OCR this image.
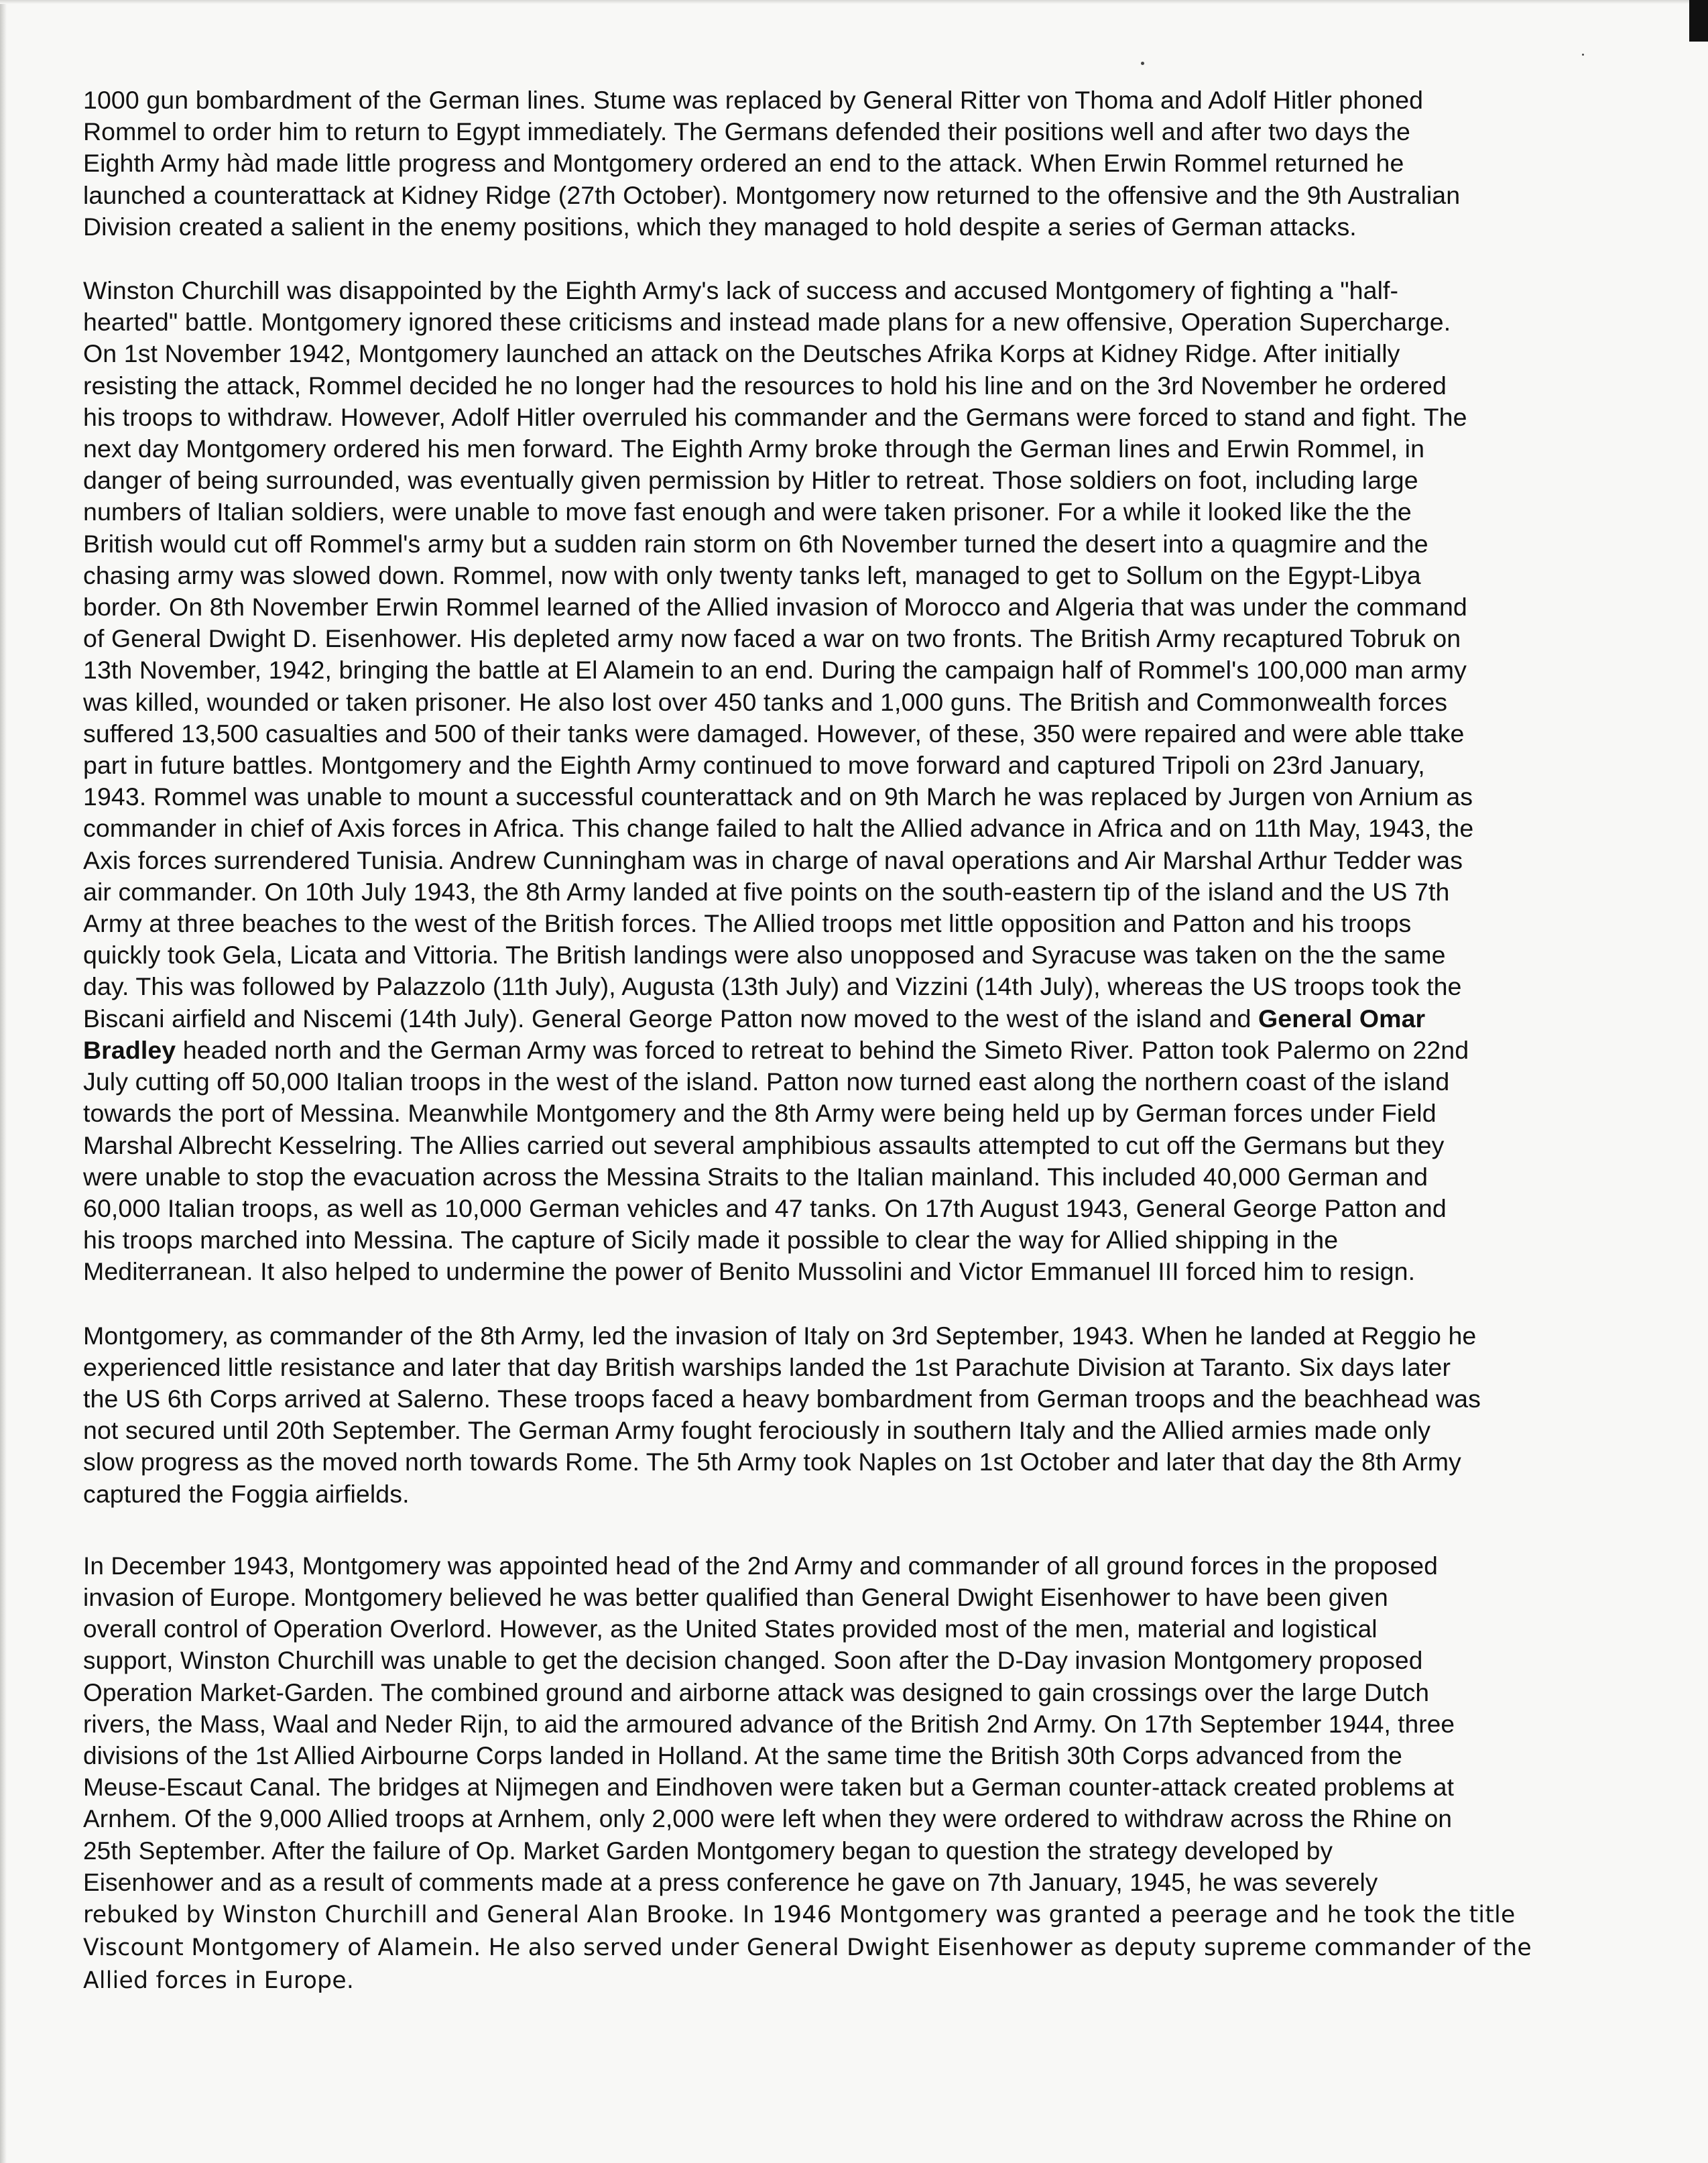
1000 gun bombardment of the German lines. Stume was replaced by General Ritter von Thoma and Adolf Hitler phoned
Rommel to order him to return to Egypt immediately. The Germans defended their positions well and after two days the
Eighth Army hàd made little progress and Montgomery ordered an end to the attack. When Erwin Rommel returned he
launched a counterattack at Kidney Ridge (27th October). Montgomery now returned to the offensive and the 9th Australian
Division created a salient in the enemy positions, which they managed to hold despite a series of German attacks.

Winston Churchill was disappointed by the Eighth Army's lack of success and accused Montgomery of fighting a "half-
hearted" battle. Montgomery ignored these criticisms and instead made plans for a new offensive, Operation Supercharge.
On 1st November 1942, Montgomery launched an attack on the Deutsches Afrika Korps at Kidney Ridge. After initially
resisting the attack, Rommel decided he no longer had the resources to hold his line and on the 3rd November he ordered
his troops to withdraw. However, Adolf Hitler overruled his commander and the Germans were forced to stand and fight. The
next day Montgomery ordered his men forward. The Eighth Army broke through the German lines and Erwin Rommel, in
danger of being surrounded, was eventually given permission by Hitler to retreat. Those soldiers on foot, including large
numbers of Italian soldiers, were unable to move fast enough and were taken prisoner. For a while it looked like the the
British would cut off Rommel's army but a sudden rain storm on 6th November turned the desert into a quagmire and the
chasing army was slowed down. Rommel, now with only twenty tanks left, managed to get to Sollum on the Egypt-Libya
border. On 8th November Erwin Rommel learned of the Allied invasion of Morocco and Algeria that was under the command
of General Dwight D. Eisenhower. His depleted army now faced a war on two fronts. The British Army recaptured Tobruk on
13th November, 1942, bringing the battle at El Alamein to an end. During the campaign half of Rommel's 100,000 man army
was killed, wounded or taken prisoner. He also lost over 450 tanks and 1,000 guns. The British and Commonwealth forces
suffered 13,500 casualties and 500 of their tanks were damaged. However, of these, 350 were repaired and were able ttake
part in future battles. Montgomery and the Eighth Army continued to move forward and captured Tripoli on 23rd January,
1943. Rommel was unable to mount a successful counterattack and on 9th March he was replaced by Jurgen von Arnium as
commander in chief of Axis forces in Africa. This change failed to halt the Allied advance in Africa and on 11th May, 1943, the
Axis forces surrendered Tunisia. Andrew Cunningham was in charge of naval operations and Air Marshal Arthur Tedder was
air commander. On 10th July 1943, the 8th Army landed at five points on the south-eastern tip of the island and the US 7th
Army at three beaches to the west of the British forces. The Allied troops met little opposition and Patton and his troops
quickly took Gela, Licata and Vittoria. The British landings were also unopposed and Syracuse was taken on the the same
day. This was followed by Palazzolo (11th July), Augusta (13th July) and Vizzini (14th July), whereas the US troops took the
Biscani airfield and Niscemi (14th July). General George Patton now moved to the west of the island and General Omar
Bradley headed north and the German Army was forced to retreat to behind the Simeto River. Patton took Palermo on 22nd
July cutting off 50,000 Italian troops in the west of the island. Patton now turned east along the northern coast of the island
towards the port of Messina. Meanwhile Montgomery and the 8th Army were being held up by German forces under Field
Marshal Albrecht Kesselring. The Allies carried out several amphibious assaults attempted to cut off the Germans but they
were unable to stop the evacuation across the Messina Straits to the Italian mainland. This included 40,000 German and
60,000 Italian troops, as well as 10,000 German vehicles and 47 tanks. On 17th August 1943, General George Patton and
his troops marched into Messina. The capture of Sicily made it possible to clear the way for Allied shipping in the
Mediterranean. It also helped to undermine the power of Benito Mussolini and Victor Emmanuel III forced him to resign.

Montgomery, as commander of the 8th Army, led the invasion of Italy on 3rd September, 1943. When he landed at Reggio he
experienced little resistance and later that day British warships landed the 1st Parachute Division at Taranto. Six days later
the US 6th Corps arrived at Salerno. These troops faced a heavy bombardment from German troops and the beachhead was
not secured until 20th September. The German Army fought ferociously in southern Italy and the Allied armies made only
slow progress as the moved north towards Rome. The 5th Army took Naples on 1st October and later that day the 8th Army
captured the Foggia airfields.

In December 1943, Montgomery was appointed head of the 2nd Army and commander of all ground forces in the proposed
invasion of Europe. Montgomery believed he was better qualified than General Dwight Eisenhower to have been given
overall control of Operation Overlord. However, as the United States provided most of the men, material and logistical
support, Winston Churchill was unable to get the decision changed. Soon after the D-Day invasion Montgomery proposed
Operation Market-Garden. The combined ground and airborne attack was designed to gain crossings over the large Dutch
rivers, the Mass, Waal and Neder Rijn, to aid the armoured advance of the British 2nd Army. On 17th September 1944, three
divisions of the 1st Allied Airbourne Corps landed in Holland. At the same time the British 30th Corps advanced from the
Meuse-Escaut Canal. The bridges at Nijmegen and Eindhoven were taken but a German counter-attack created problems at
Arnhem. Of the 9,000 Allied troops at Arnhem, only 2,000 were left when they were ordered to withdraw across the Rhine on
25th September. After the failure of Op. Market Garden Montgomery began to question the strategy developed by
Eisenhower and as a result of comments made at a press conference he gave on 7th January, 1945, he was severely
rebuked by Winston Churchill and General Alan Brooke. In 1946 Montgomery was granted a peerage and he took the title
Viscount Montgomery of Alamein. He also served under General Dwight Eisenhower as deputy supreme commander of the
Allied forces in Europe.
